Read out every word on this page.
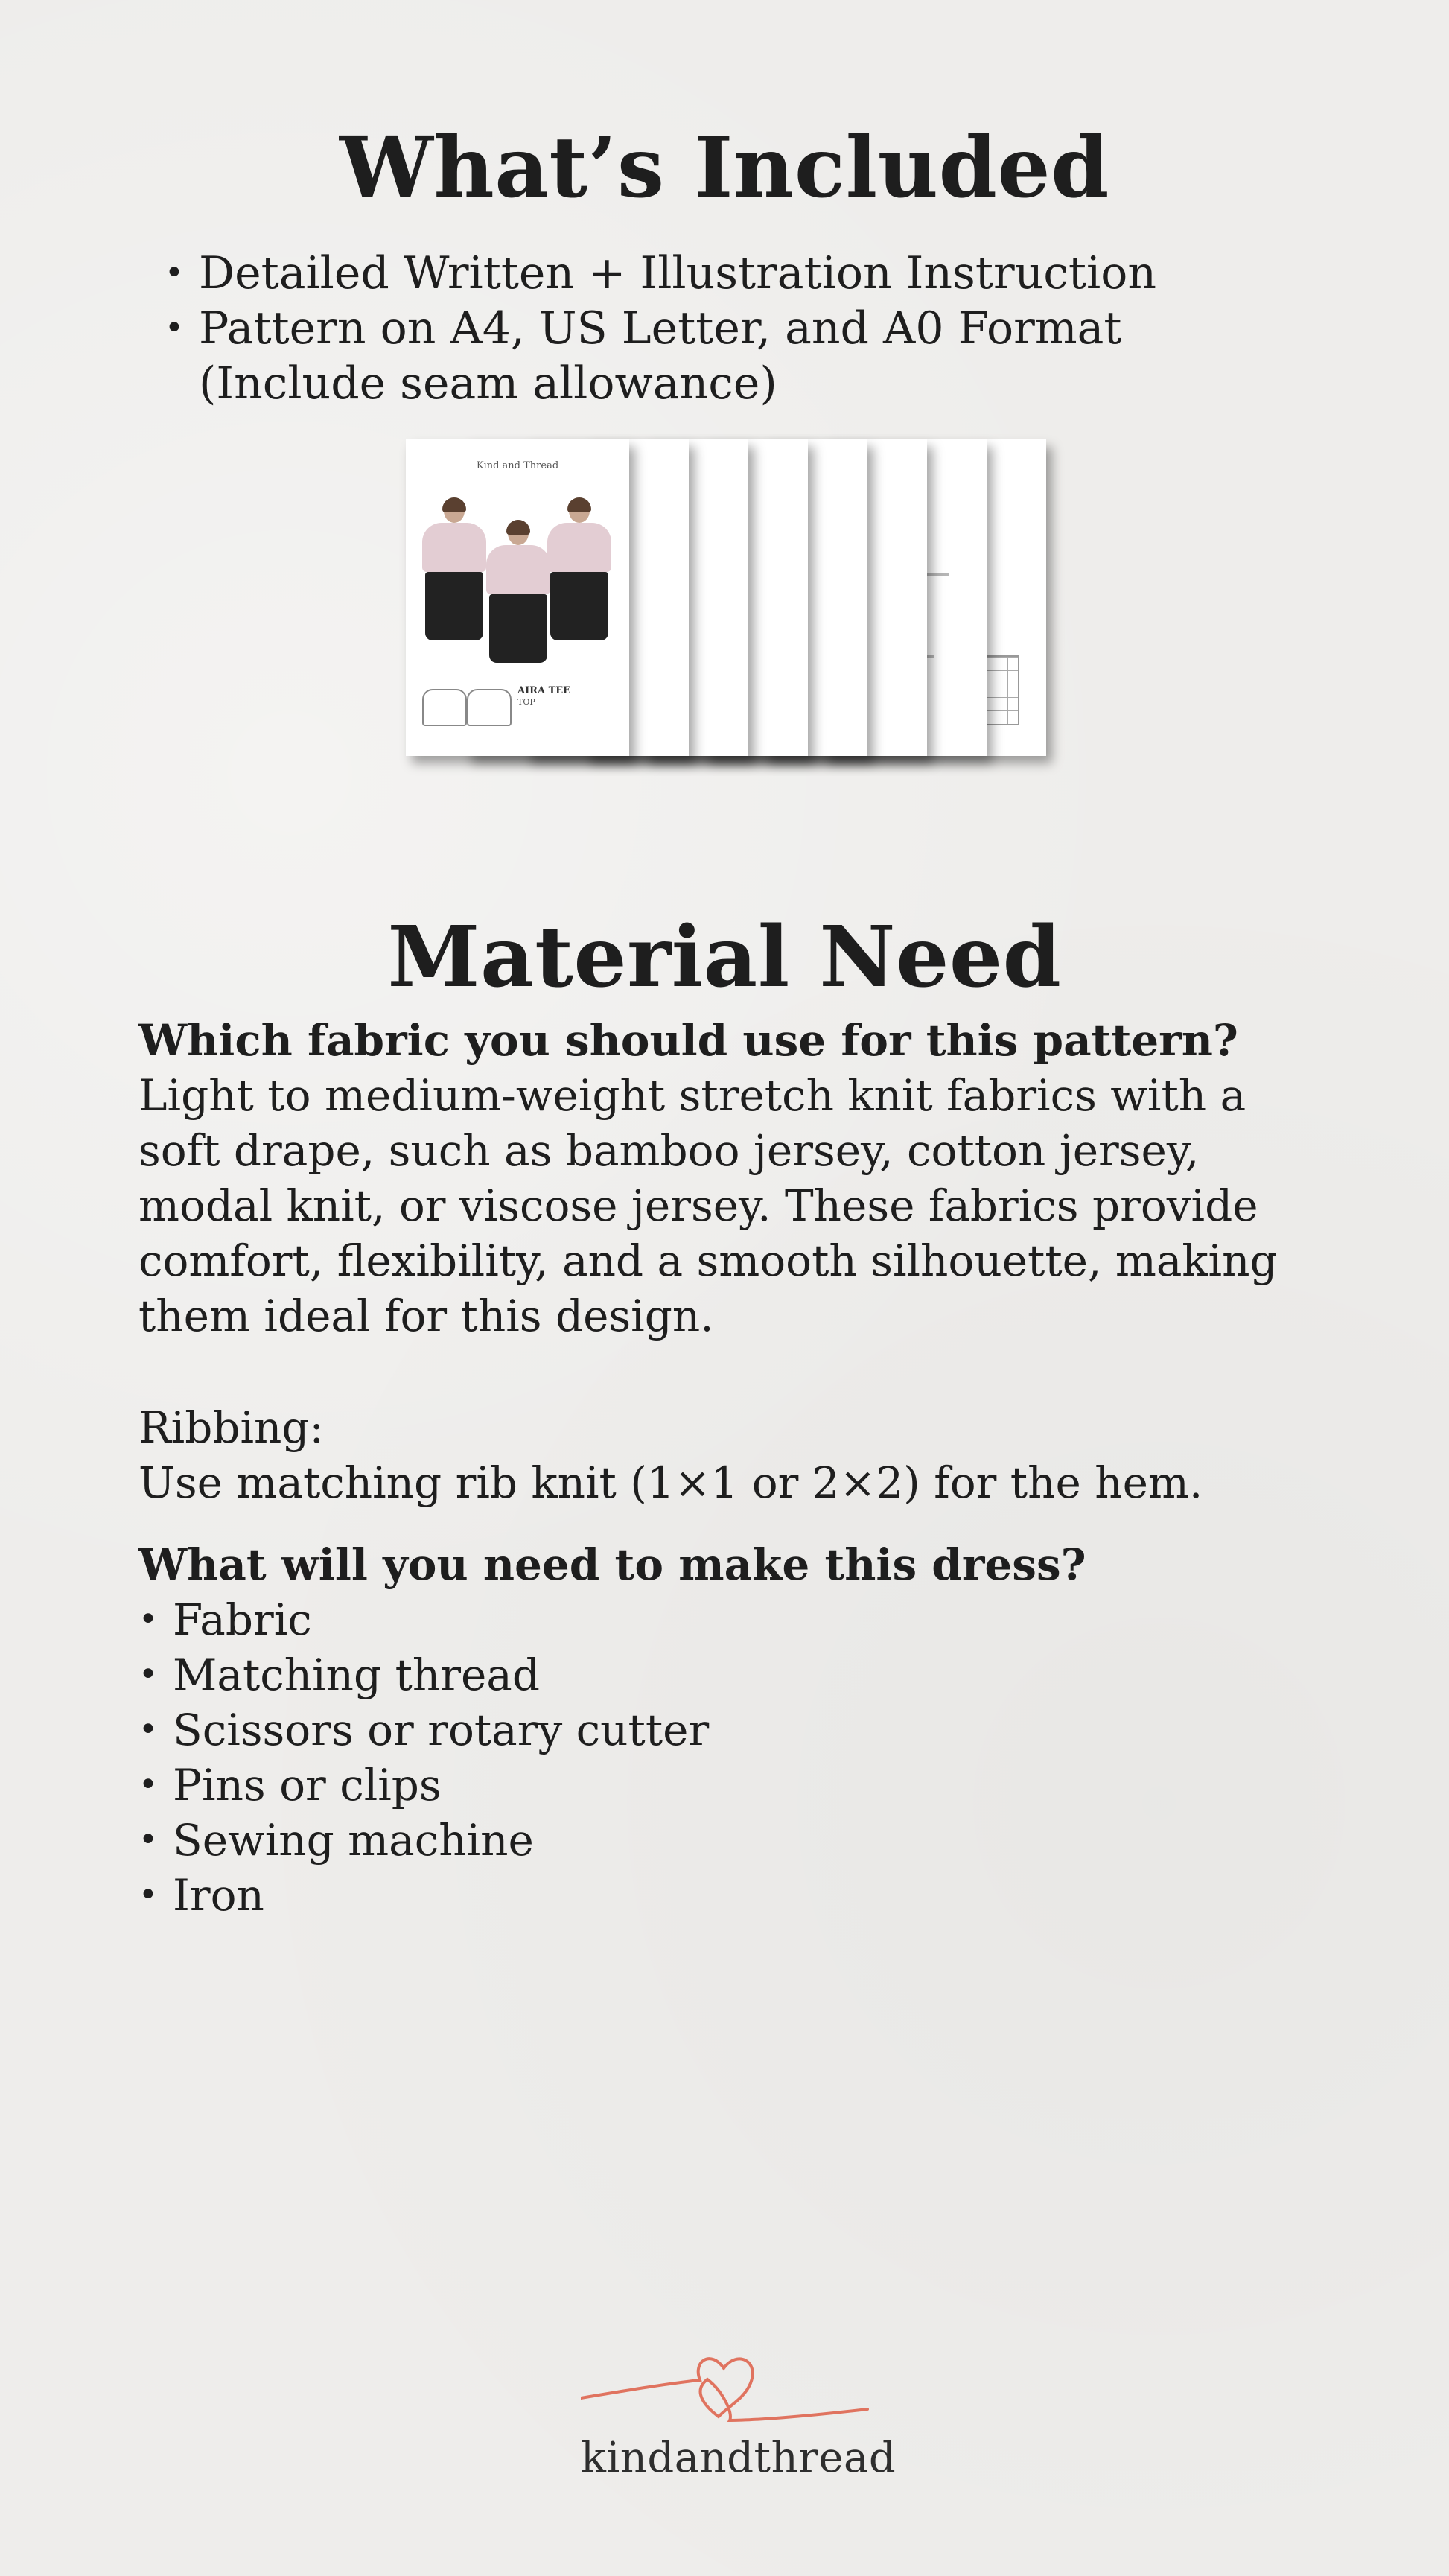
What’s Included
• Detailed Written + Illustration Instruction
• Pattern on A4, US Letter, and A0 Format (Include seam allowance)
Kind and Thread
AIRA TEE
TOP
Material Need

Which fabric you should use for this pattern?

Light to medium-weight stretch knit fabrics with a soft drape, such as bamboo jersey, cotton jersey, modal knit, or viscose jersey. These fabrics provide comfort, flexibility, and a smooth silhouette, making them ideal for this design.

Ribbing:

Use matching rib knit (1×1 or 2×2) for the hem.

What will you need to make this dress?

• Fabric
• Matching thread
• Scissors or rotary cutter
• Pins or clips
• Sewing machine
• Iron
kindandthread
